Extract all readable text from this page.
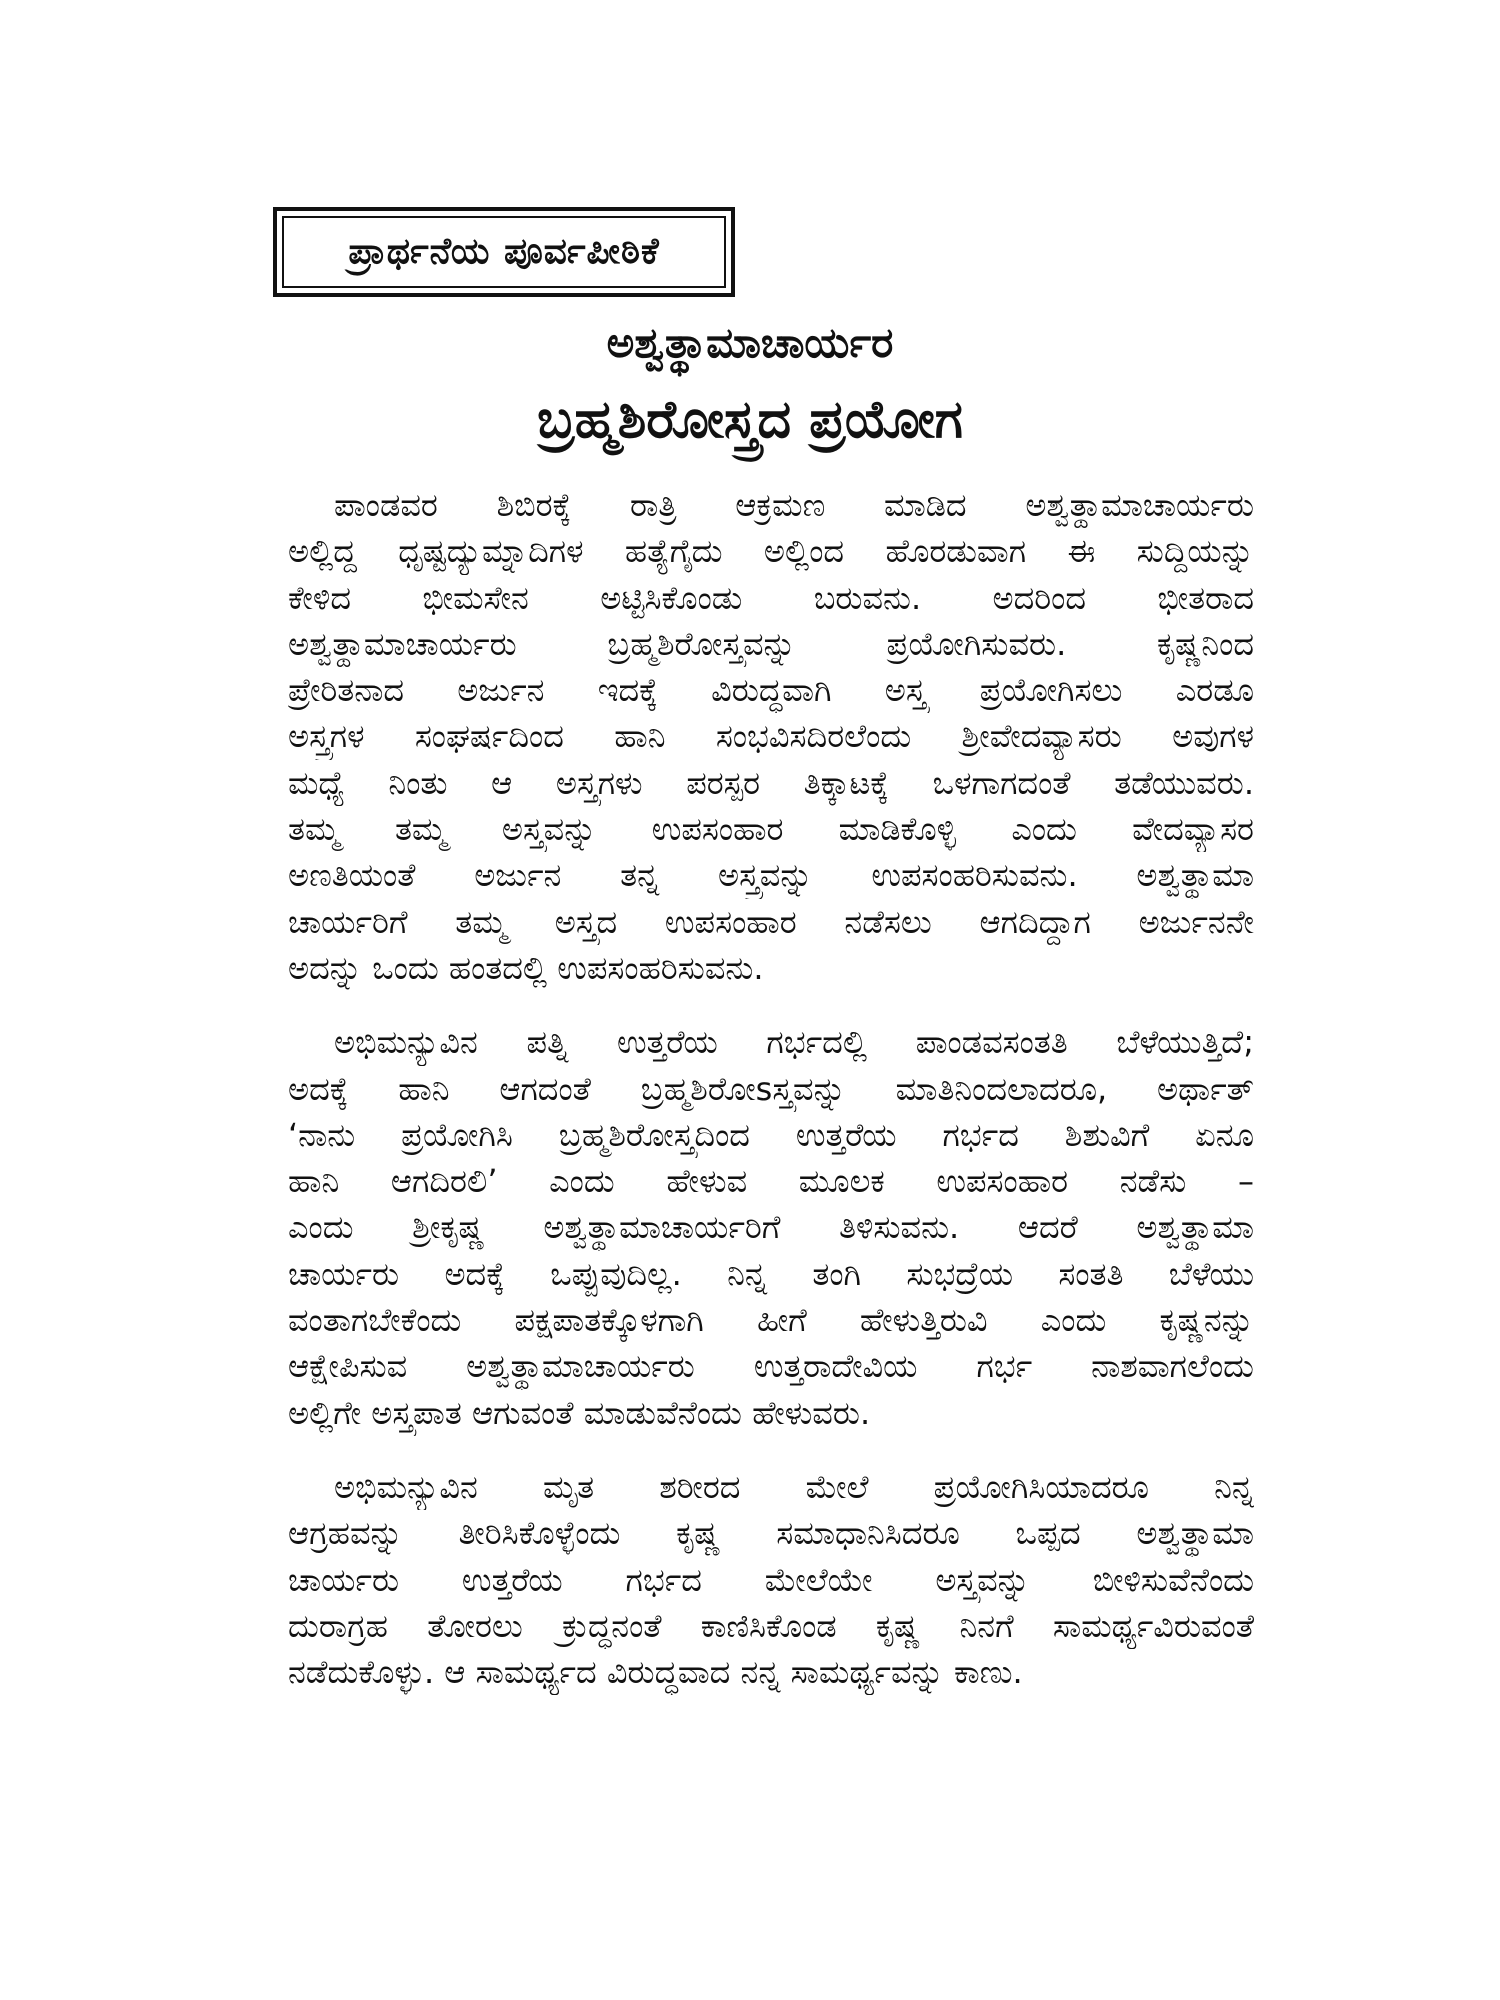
ಪ್ರಾರ್ಥನೆಯ ಪೂರ್ವಪೀಠಿಕೆ
ಅಶ್ವತ್ಥಾಮಾಚಾರ್ಯರ
ಬ್ರಹ್ಮಶಿರೋಸ್ತ್ರದ ಪ್ರಯೋಗ

ಪಾಂಡವರ ಶಿಬಿರಕ್ಕೆ ರಾತ್ರಿ ಆಕ್ರಮಣ ಮಾಡಿದ ಅಶ್ವತ್ಥಾಮಾಚಾರ್ಯರು
ಅಲ್ಲಿದ್ದ ಧೃಷ್ಟದ್ಯುಮ್ನಾದಿಗಳ ಹತ್ಯೆಗೈದು ಅಲ್ಲಿಂದ ಹೊರಡುವಾಗ ಈ ಸುದ್ದಿಯನ್ನು
ಕೇಳಿದ ಭೀಮಸೇನ ಅಟ್ಟಿಸಿಕೊಂಡು ಬರುವನು. ಅದರಿಂದ ಭೀತರಾದ
ಅಶ್ವತ್ಥಾಮಾಚಾರ್ಯರು ಬ್ರಹ್ಮಶಿರೋಸ್ತ್ರವನ್ನು ಪ್ರಯೋಗಿಸುವರು. ಕೃಷ್ಣನಿಂದ
ಪ್ರೇರಿತನಾದ ಅರ್ಜುನ ಇದಕ್ಕೆ ವಿರುದ್ಧವಾಗಿ ಅಸ್ತ್ರ ಪ್ರಯೋಗಿಸಲು ಎರಡೂ
ಅಸ್ತ್ರಗಳ ಸಂಘರ್ಷದಿಂದ ಹಾನಿ ಸಂಭವಿಸದಿರಲೆಂದು ಶ್ರೀವೇದವ್ಯಾಸರು ಅವುಗಳ
ಮಧ್ಯೆ ನಿಂತು ಆ ಅಸ್ತ್ರಗಳು ಪರಸ್ಪರ ತಿಕ್ಕಾಟಕ್ಕೆ ಒಳಗಾಗದಂತೆ ತಡೆಯುವರು.
ತಮ್ಮ ತಮ್ಮ ಅಸ್ತ್ರವನ್ನು ಉಪಸಂಹಾರ ಮಾಡಿಕೊಳ್ಳಿ ಎಂದು ವೇದವ್ಯಾಸರ
ಅಣತಿಯಂತೆ ಅರ್ಜುನ ತನ್ನ ಅಸ್ತ್ರವನ್ನು ಉಪಸಂಹರಿಸುವನು. ಅಶ್ವತ್ಥಾಮಾ
ಚಾರ್ಯರಿಗೆ ತಮ್ಮ ಅಸ್ತ್ರದ ಉಪಸಂಹಾರ ನಡೆಸಲು ಆಗದಿದ್ದಾಗ ಅರ್ಜುನನೇ
ಅದನ್ನು ಒಂದು ಹಂತದಲ್ಲಿ ಉಪಸಂಹರಿಸುವನು.

ಅಭಿಮನ್ಯುವಿನ ಪತ್ನಿ ಉತ್ತರೆಯ ಗರ್ಭದಲ್ಲಿ ಪಾಂಡವಸಂತತಿ ಬೆಳೆಯುತ್ತಿದೆ;
ಅದಕ್ಕೆ ಹಾನಿ ಆಗದಂತೆ ಬ್ರಹ್ಮಶಿರೋsಸ್ತ್ರವನ್ನು ಮಾತಿನಿಂದಲಾದರೂ, ಅರ್ಥಾತ್
‘ನಾನು ಪ್ರಯೋಗಿಸಿ ಬ್ರಹ್ಮಶಿರೋಸ್ತ್ರದಿಂದ ಉತ್ತರೆಯ ಗರ್ಭದ ಶಿಶುವಿಗೆ ಏನೂ
ಹಾನಿ ಆಗದಿರಲಿ’ ಎಂದು ಹೇಳುವ ಮೂಲಕ ಉಪಸಂಹಾರ ನಡೆಸು –
ಎಂದು ಶ್ರೀಕೃಷ್ಣ ಅಶ್ವತ್ಥಾಮಾಚಾರ್ಯರಿಗೆ ತಿಳಿಸುವನು. ಆದರೆ ಅಶ್ವತ್ಥಾಮಾ
ಚಾರ್ಯರು ಅದಕ್ಕೆ ಒಪ್ಪುವುದಿಲ್ಲ. ನಿನ್ನ ತಂಗಿ ಸುಭದ್ರೆಯ ಸಂತತಿ ಬೆಳೆಯು
ವಂತಾಗಬೇಕೆಂದು ಪಕ್ಷಪಾತಕ್ಕೊಳಗಾಗಿ ಹೀಗೆ ಹೇಳುತ್ತಿರುವಿ ಎಂದು ಕೃಷ್ಣನನ್ನು
ಆಕ್ಷೇಪಿಸುವ ಅಶ್ವತ್ಥಾಮಾಚಾರ್ಯರು ಉತ್ತರಾದೇವಿಯ ಗರ್ಭ ನಾಶವಾಗಲೆಂದು
ಅಲ್ಲಿಗೇ ಅಸ್ತ್ರಪಾತ ಆಗುವಂತೆ ಮಾಡುವೆನೆಂದು ಹೇಳುವರು.

ಅಭಿಮನ್ಯುವಿನ ಮೃತ ಶರೀರದ ಮೇಲೆ ಪ್ರಯೋಗಿಸಿಯಾದರೂ ನಿನ್ನ
ಆಗ್ರಹವನ್ನು ತೀರಿಸಿಕೊಳ್ಳೆಂದು ಕೃಷ್ಣ ಸಮಾಧಾನಿಸಿದರೂ ಒಪ್ಪದ ಅಶ್ವತ್ಥಾಮಾ
ಚಾರ್ಯರು ಉತ್ತರೆಯ ಗರ್ಭದ ಮೇಲೆಯೇ ಅಸ್ತ್ರವನ್ನು ಬೀಳಿಸುವೆನೆಂದು
ದುರಾಗ್ರಹ ತೋರಲು ಕ್ರುದ್ಧನಂತೆ ಕಾಣಿಸಿಕೊಂಡ ಕೃಷ್ಣ ನಿನಗೆ ಸಾಮರ್ಥ್ಯವಿರುವಂತೆ
ನಡೆದುಕೊಳ್ಳು. ಆ ಸಾಮರ್ಥ್ಯದ ವಿರುದ್ಧವಾದ ನನ್ನ ಸಾಮರ್ಥ್ಯವನ್ನು ಕಾಣು.
